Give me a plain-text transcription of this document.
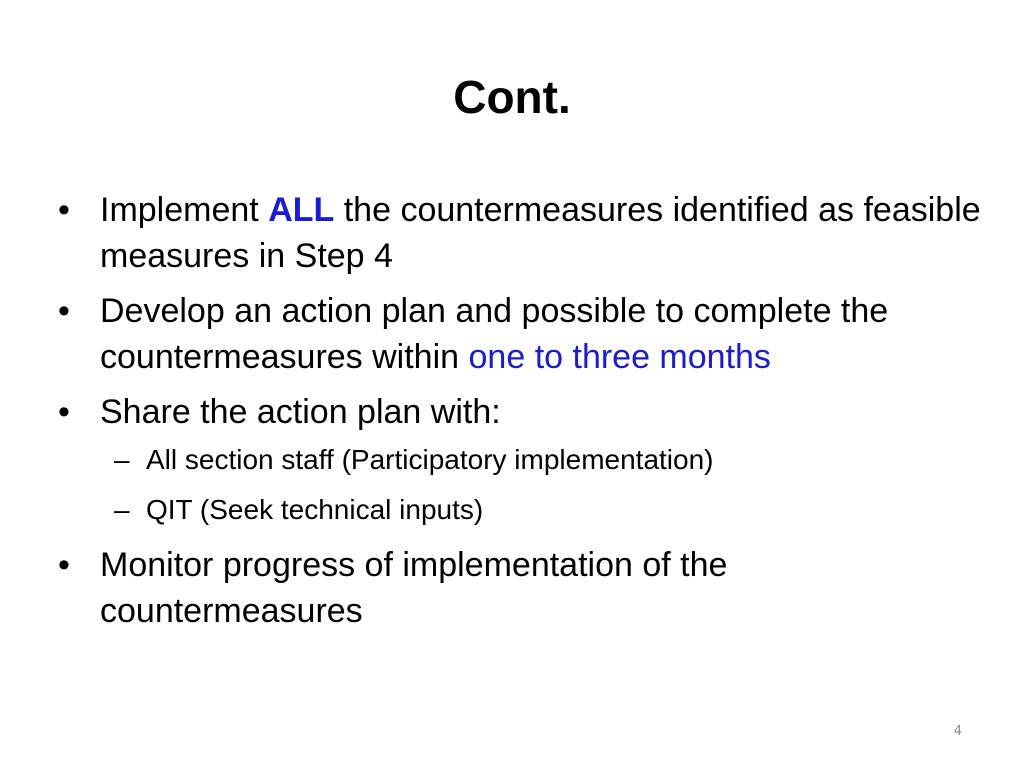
Cont.
• Implement ALL the countermeasures identified as feasible measures in Step 4
• Develop an action plan and possible to complete the countermeasures within one to three months
• Share the action plan with:
– All section staff (Participatory implementation)
– QIT (Seek technical inputs)
• Monitor progress of implementation of the countermeasures
4
